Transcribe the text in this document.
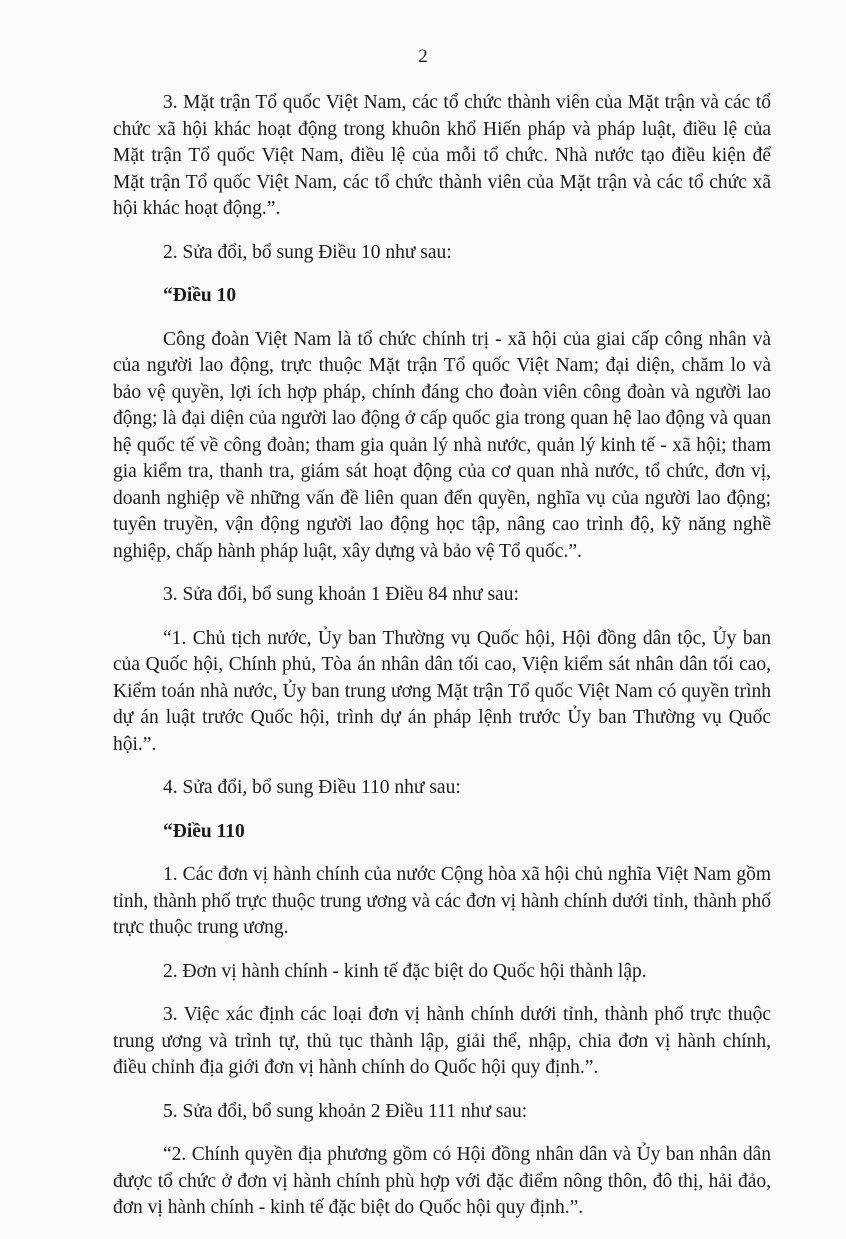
2

3. Mặt trận Tổ quốc Việt Nam, các tổ chức thành viên của Mặt trận và các tổ chức xã hội khác hoạt động trong khuôn khổ Hiến pháp và pháp luật, điều lệ của Mặt trận Tổ quốc Việt Nam, điều lệ của mỗi tổ chức. Nhà nước tạo điều kiện để Mặt trận Tổ quốc Việt Nam, các tổ chức thành viên của Mặt trận và các tổ chức xã hội khác hoạt động.”.

2. Sửa đổi, bổ sung Điều 10 như sau:

“Điều 10

Công đoàn Việt Nam là tổ chức chính trị - xã hội của giai cấp công nhân và của người lao động, trực thuộc Mặt trận Tổ quốc Việt Nam; đại diện, chăm lo và bảo vệ quyền, lợi ích hợp pháp, chính đáng cho đoàn viên công đoàn và người lao động; là đại diện của người lao động ở cấp quốc gia trong quan hệ lao động và quan hệ quốc tế về công đoàn; tham gia quản lý nhà nước, quản lý kinh tế - xã hội; tham gia kiểm tra, thanh tra, giám sát hoạt động của cơ quan nhà nước, tổ chức, đơn vị, doanh nghiệp về những vấn đề liên quan đến quyền, nghĩa vụ của người lao động; tuyên truyền, vận động người lao động học tập, nâng cao trình độ, kỹ năng nghề nghiệp, chấp hành pháp luật, xây dựng và bảo vệ Tổ quốc.”.

3. Sửa đổi, bổ sung khoản 1 Điều 84 như sau:

“1. Chủ tịch nước, Ủy ban Thường vụ Quốc hội, Hội đồng dân tộc, Ủy ban của Quốc hội, Chính phủ, Tòa án nhân dân tối cao, Viện kiểm sát nhân dân tối cao, Kiểm toán nhà nước, Ủy ban trung ương Mặt trận Tổ quốc Việt Nam có quyền trình dự án luật trước Quốc hội, trình dự án pháp lệnh trước Ủy ban Thường vụ Quốc hội.”.

4. Sửa đổi, bổ sung Điều 110 như sau:

“Điều 110

1. Các đơn vị hành chính của nước Cộng hòa xã hội chủ nghĩa Việt Nam gồm tỉnh, thành phố trực thuộc trung ương và các đơn vị hành chính dưới tỉnh, thành phố trực thuộc trung ương.

2. Đơn vị hành chính - kinh tế đặc biệt do Quốc hội thành lập.

3. Việc xác định các loại đơn vị hành chính dưới tỉnh, thành phố trực thuộc trung ương và trình tự, thủ tục thành lập, giải thể, nhập, chia đơn vị hành chính, điều chỉnh địa giới đơn vị hành chính do Quốc hội quy định.”.

5. Sửa đổi, bổ sung khoản 2 Điều 111 như sau:

“2. Chính quyền địa phương gồm có Hội đồng nhân dân và Ủy ban nhân dân được tổ chức ở đơn vị hành chính phù hợp với đặc điểm nông thôn, đô thị, hải đảo, đơn vị hành chính - kinh tế đặc biệt do Quốc hội quy định.”.
